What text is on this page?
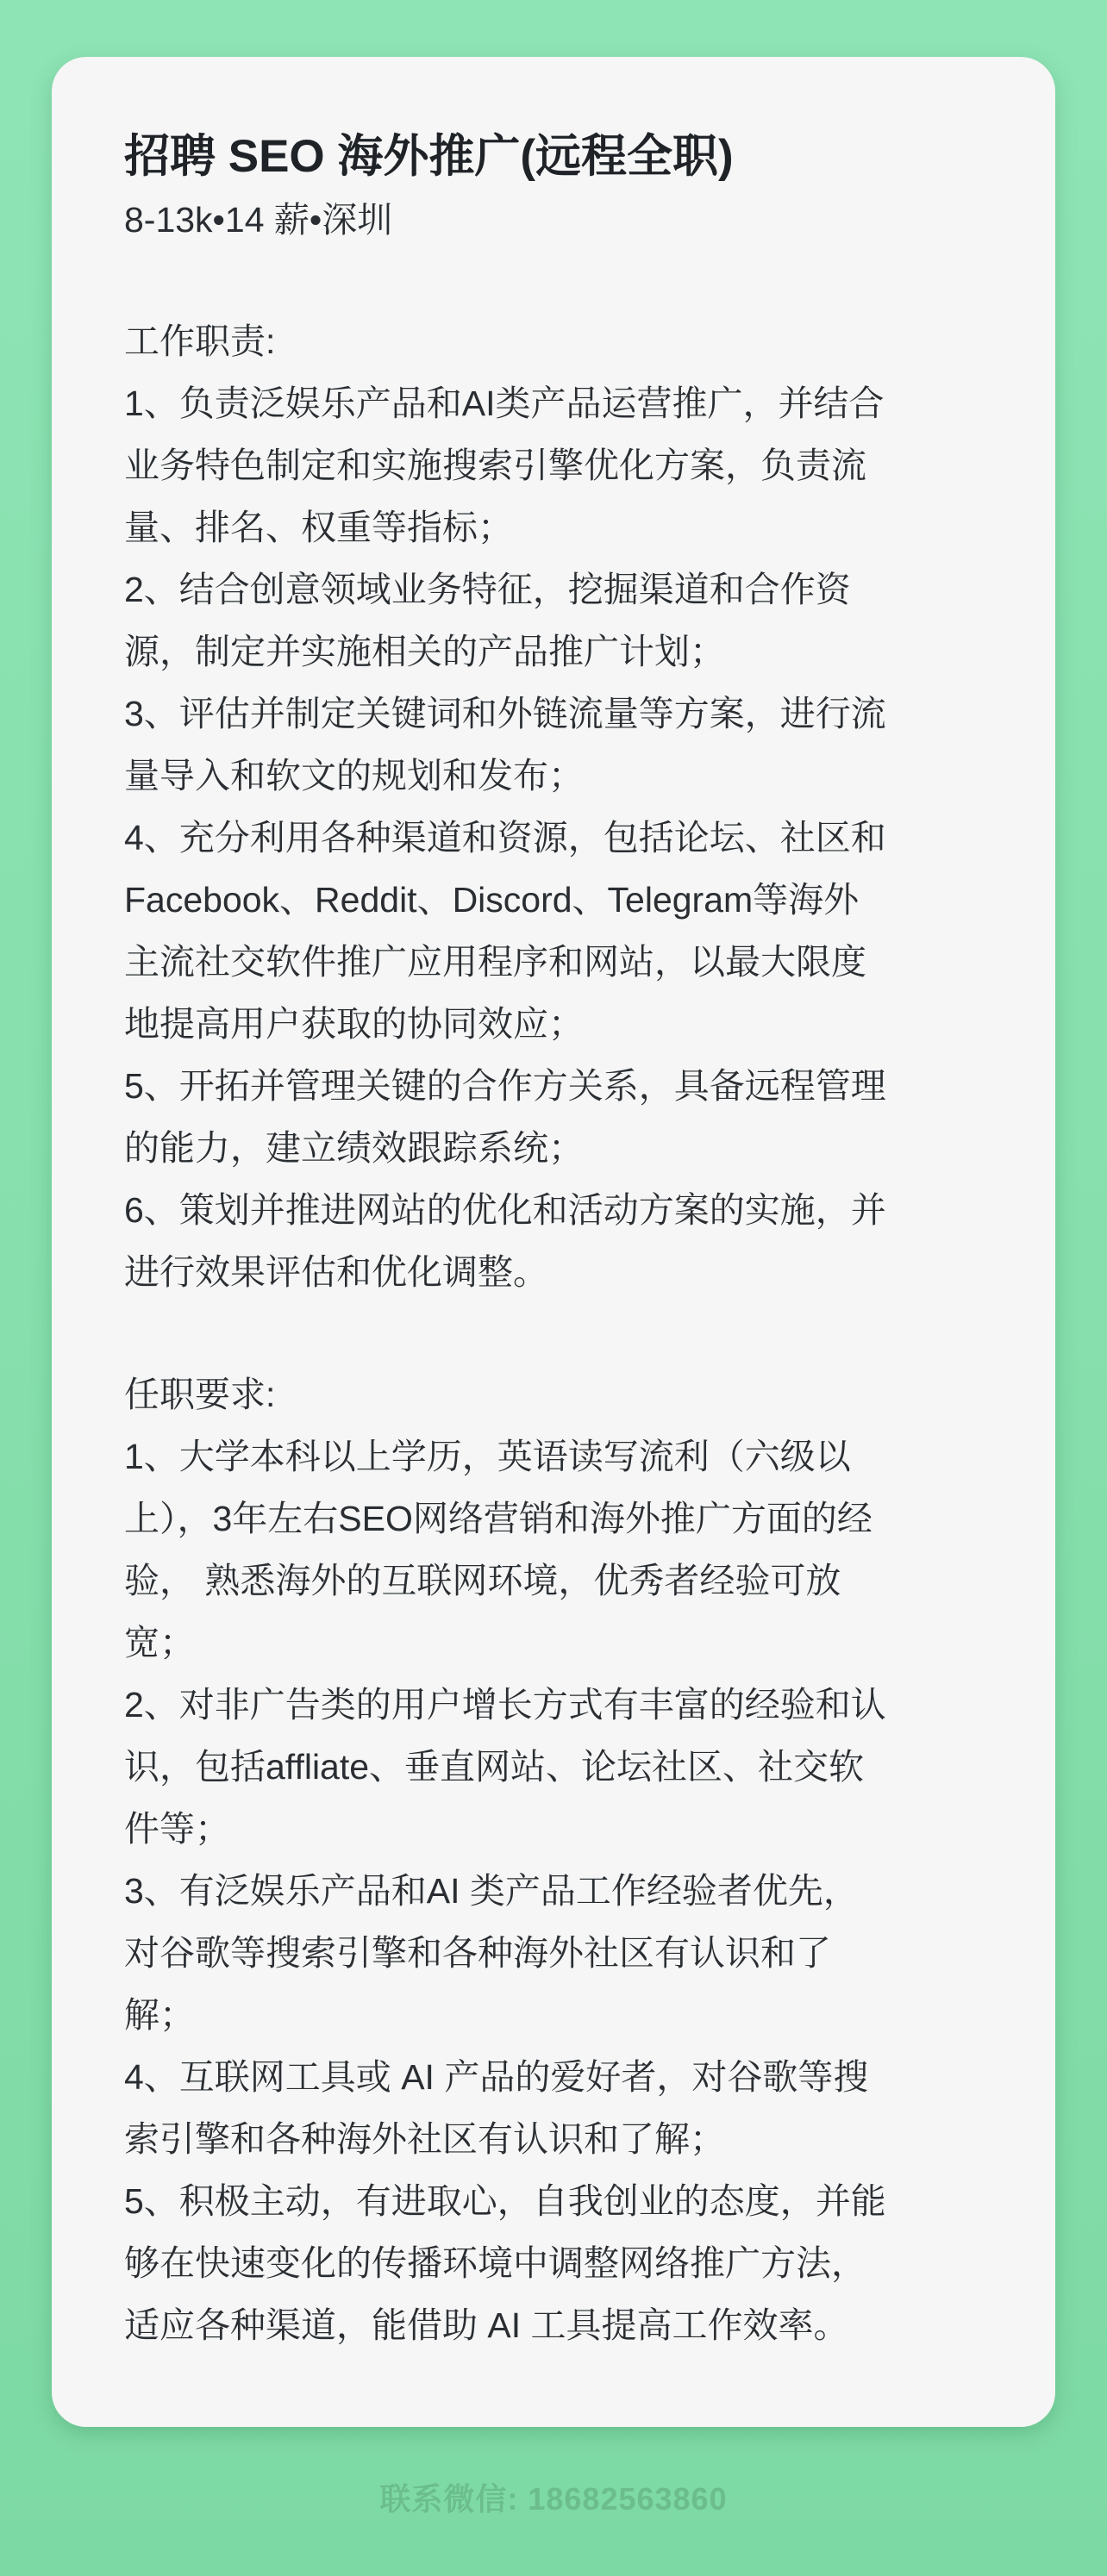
招聘 SEO 海外推广(远程全职)

8-13k•14 薪•深圳

工作职责:

1、负责泛娱乐产品和AI类产品运营推广，并结合
业务特色制定和实施搜索引擎优化方案，负责流
量、排名、权重等指标；
2、结合创意领域业务特征，挖掘渠道和合作资
源，制定并实施相关的产品推广计划；
3、评估并制定关键词和外链流量等方案，进行流
量导入和软文的规划和发布；
4、充分利用各种渠道和资源，包括论坛、社区和
Facebook、Reddit、Discord、Telegram等海外
主流社交软件推广应用程序和网站，以最大限度
地提高用户获取的协同效应；
5、开拓并管理关键的合作方关系，具备远程管理
的能力，建立绩效跟踪系统；
6、策划并推进网站的优化和活动方案的实施，并
进行效果评估和优化调整。

任职要求:

1、大学本科以上学历，英语读写流利（六级以
上），3年左右SEO网络营销和海外推广方面的经
验， 熟悉海外的互联网环境，优秀者经验可放
宽；
2、对非广告类的用户增长方式有丰富的经验和认
识，包括affliate、垂直网站、论坛社区、社交软
件等；
3、有泛娱乐产品和AI 类产品工作经验者优先，
对谷歌等搜索引擎和各种海外社区有认识和了
解；
4、互联网工具或 AI 产品的爱好者，对谷歌等搜
索引擎和各种海外社区有认识和了解；
5、积极主动，有进取心，自我创业的态度，并能
够在快速变化的传播环境中调整网络推广方法，
适应各种渠道，能借助 AI 工具提高工作效率。
联系微信: 18682563860
